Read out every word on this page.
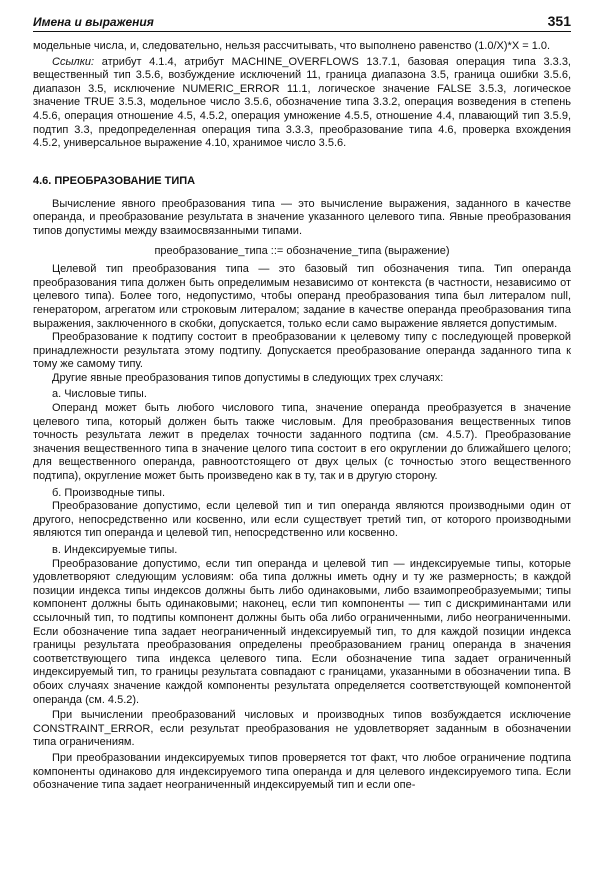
Имена и выражения	351

модельные числа, и, следовательно, нельзя рассчитывать, что выполнено равенство (1.0/X)*X = 1.0.

Ссылки: атрибут 4.1.4, атрибут MACHINE_OVERFLOWS 13.7.1, базовая операция типа 3.3.3, вещественный тип 3.5.6, возбуждение исключений 11, граница диапазона 3.5, граница ошибки 3.5.6, диапазон 3.5, исключение NUMERIC_ERROR 11.1, логическое значение FALSE 3.5.3, логическое значение TRUE 3.5.3, модельное число 3.5.6, обозначение типа 3.3.2, операция возведения в степень 4.5.6, операция отношение 4.5, 4.5.2, операция умножение 4.5.5, отношение 4.4, плавающий тип 3.5.9, подтип 3.3, предопределенная операция типа 3.3.3, преобразование типа 4.6, проверка вхождения 4.5.2, универсальное выражение 4.10, хранимое число 3.5.6.

4.6. ПРЕОБРАЗОВАНИЕ ТИПА

Вычисление явного преобразования типа — это вычисление выражения, заданного в качестве операнда, и преобразование результата в значение указанного целевого типа. Явные преобразования типов допустимы между взаимосвязанными типами.

преобразование_типа ::= обозначение_типа (выражение)

Целевой тип преобразования типа — это базовый тип обозначения типа. Тип операнда преобразования типа должен быть определимым независимо от контекста (в частности, независимо от целевого типа). Более того, недопустимо, чтобы операнд преобразования типа был литералом null, генератором, агрегатом или строковым литералом; задание в качестве операнда преобразования типа выражения, заключенного в скобки, допускается, только если само выражение является допустимым.

Преобразование к подтипу состоит в преобразовании к целевому типу с последующей проверкой принадлежности результата этому подтипу. Допускается преобразование операнда заданного типа к тому же самому типу.

Другие явные преобразования типов допустимы в следующих трех случаях:

а. Числовые типы.

Операнд может быть любого числового типа, значение операнда преобразуется в значение целевого типа, который должен быть также числовым. Для преобразования вещественных типов точность результата лежит в пределах точности заданного подтипа (см. 4.5.7). Преобразование значения вещественного типа в значение целого типа состоит в его округлении до ближайшего целого; для вещественного операнда, равноотстоящего от двух целых (с точностью этого вещественного подтипа), округление может быть произведено как в ту, так и в другую сторону.

б. Производные типы.

Преобразование допустимо, если целевой тип и тип операнда являются производными один от другого, непосредственно или косвенно, или если существует третий тип, от которого производными являются тип операнда и целевой тип, непосредственно или косвенно.

в. Индексируемые типы.

Преобразование допустимо, если тип операнда и целевой тип — индексируемые типы, которые удовлетворяют следующим условиям: оба типа должны иметь одну и ту же размерность; в каждой позиции индекса типы индексов должны быть либо одинаковыми, либо взаимопреобразуемыми; типы компонент должны быть одинаковыми; наконец, если тип компоненты — тип с дискриминантами или ссылочный тип, то подтипы компонент должны быть оба либо ограниченными, либо неограниченными. Если обозначение типа задает неограниченный индексируемый тип, то для каждой позиции индекса границы результата преобразования определены преобразованием границ операнда в значения соответствующего типа индекса целевого типа. Если обозначение типа задает ограниченный индексируемый тип, то границы результата совпадают с границами, указанными в обозначении типа. В обоих случаях значение каждой компоненты результата определяется соответствующей компонентой операнда (см. 4.5.2).

При вычислении преобразований числовых и производных типов возбуждается исключение CONSTRAINT_ERROR, если результат преобразования не удовлетворяет заданным в обозначении типа ограничениям.

При преобразовании индексируемых типов проверяется тот факт, что любое ограничение подтипа компоненты одинаково для индексируемого типа операнда и для целевого индексируемого типа. Если обозначение типа задает неограниченный индексируемый тип и если опе-
